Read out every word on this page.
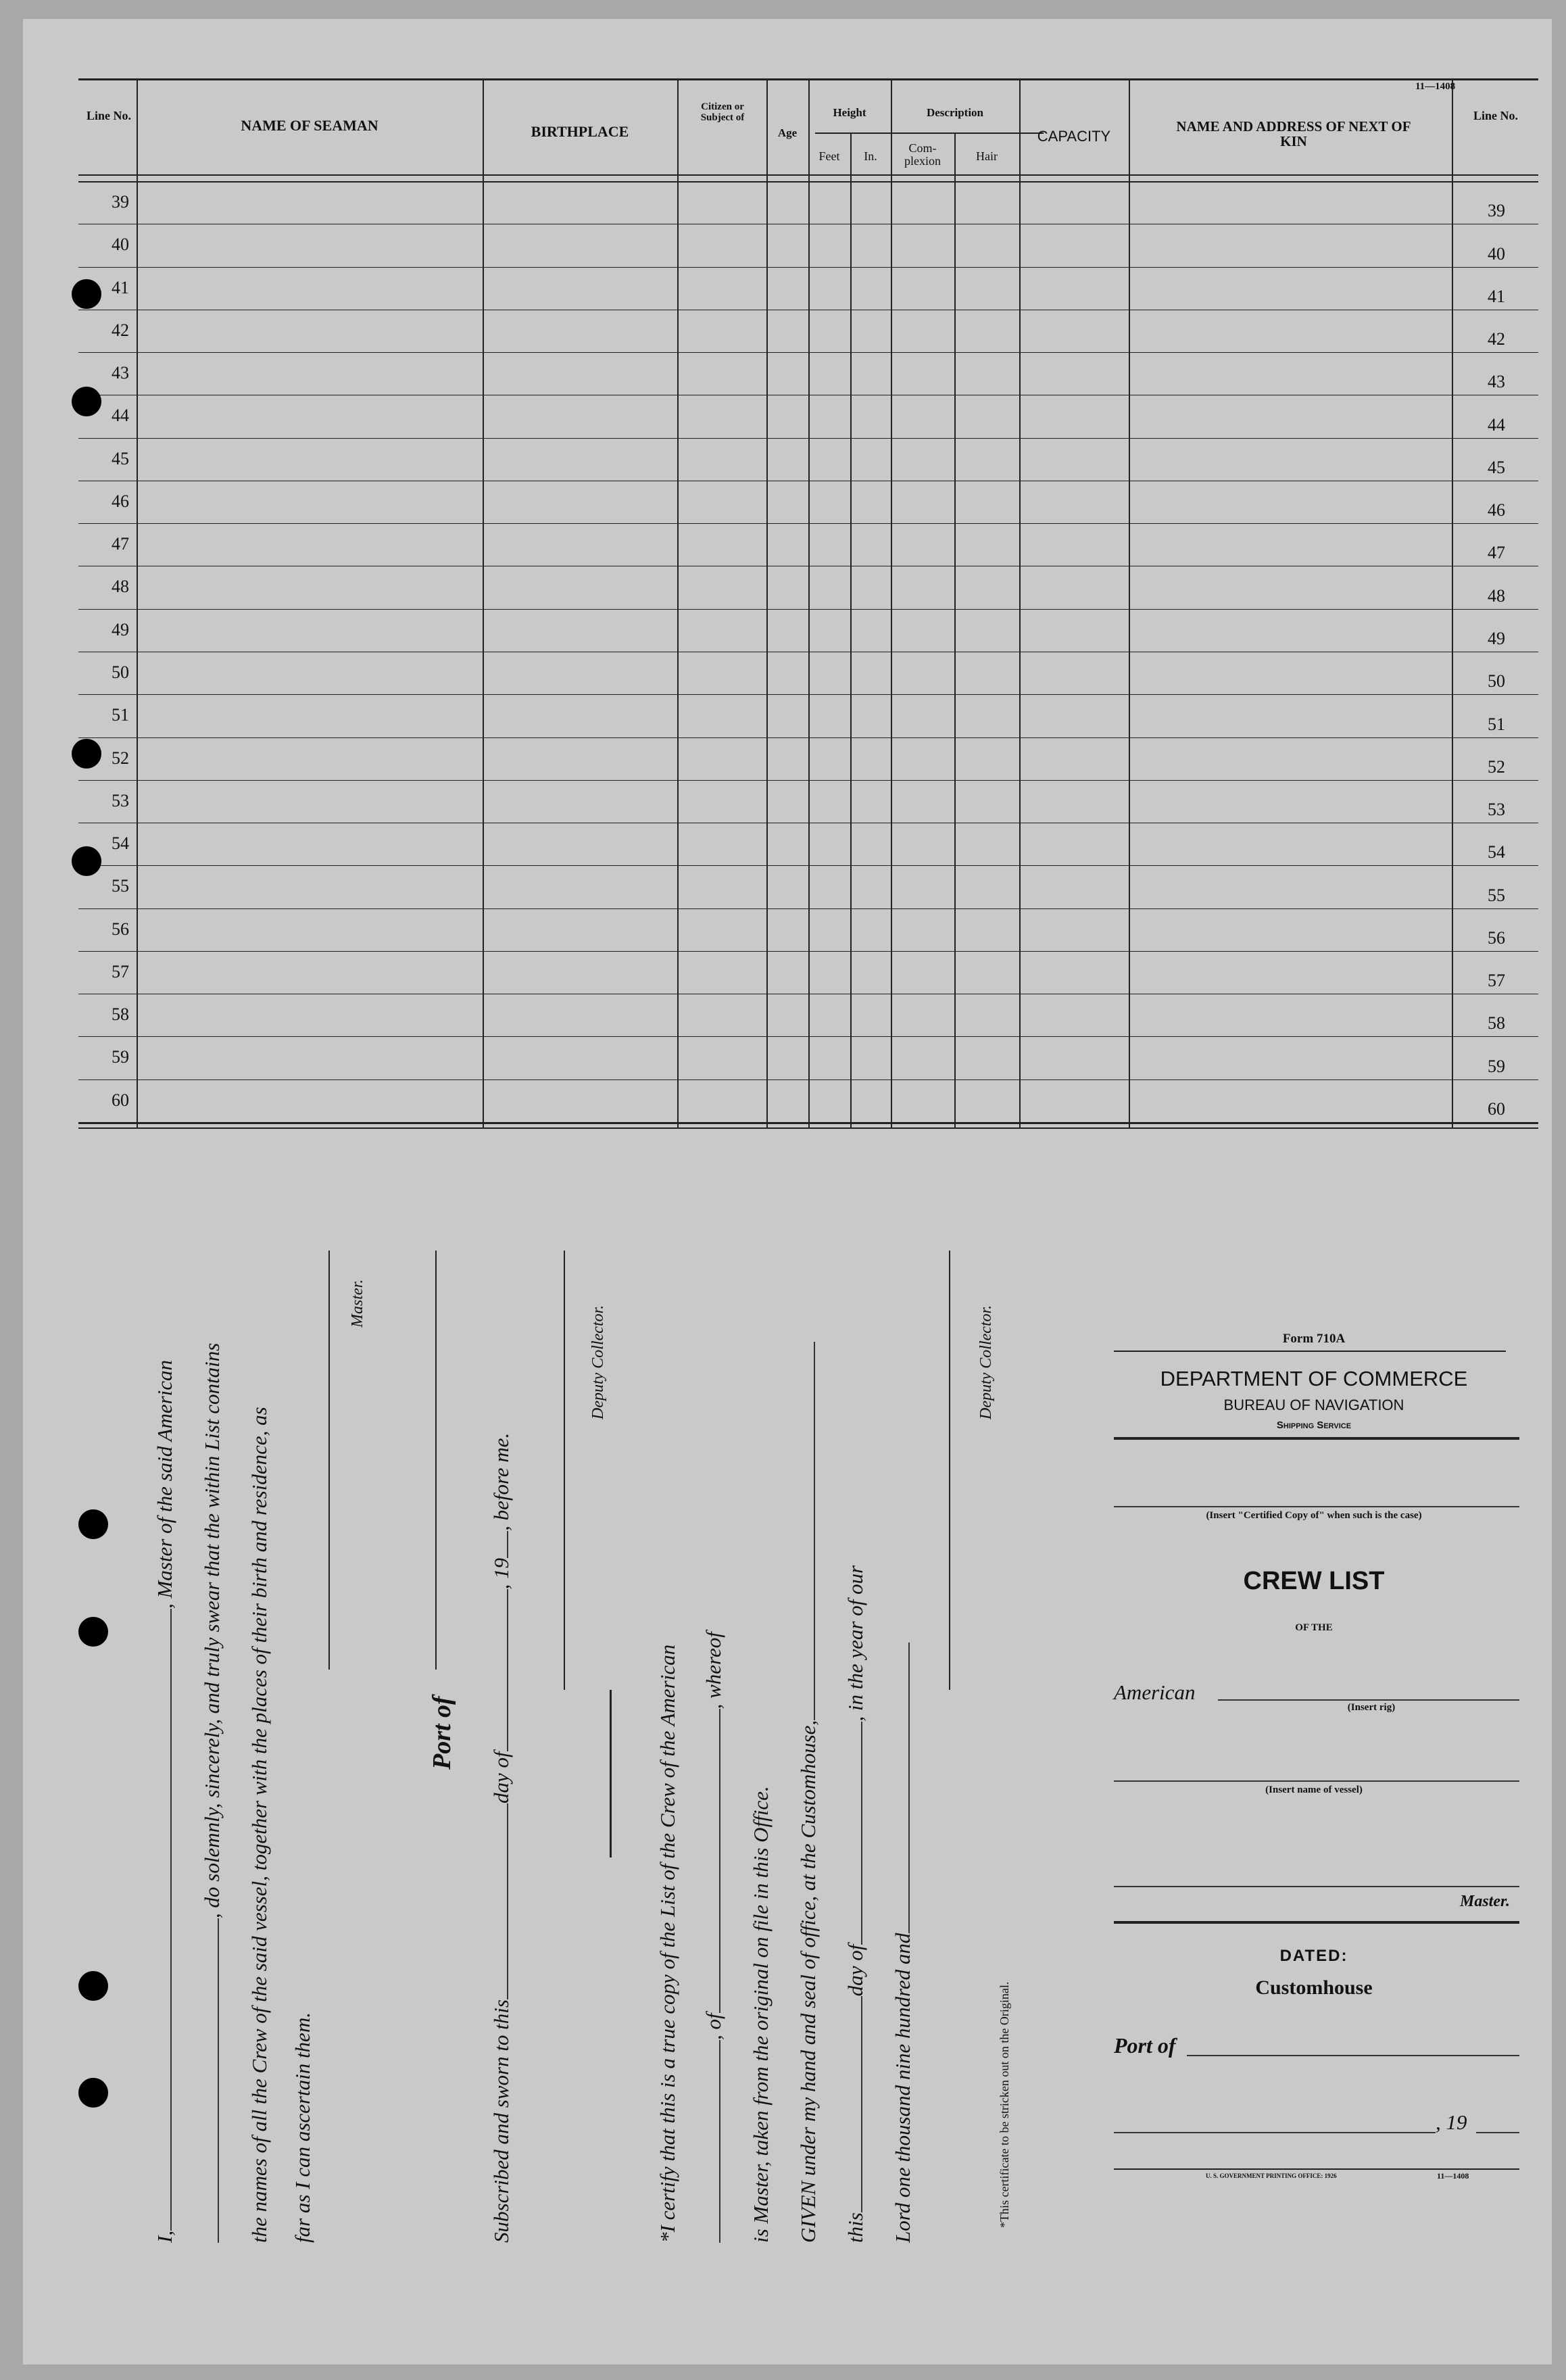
11—1408
Line No.
NAME OF SEAMAN	BIRTHPLACE
Citizen or Subject of
Age
Height
Feet	In.
Description
Com-plexion	Hair
CAPACITY
NAME AND ADDRESS OF NEXT OF KIN
Line No.
39	39
40	40
41	41
42	42
43	43
44	44
45	45
46	46
47	47
48	48
49	49
50	50
51	51
52	52
53	53
54	54
55	55
56	56
57	57
58	58
59	59
60	60
I,, Master of the said American , do solemnly, sincerely, and truly swear that the within List contains the names of all the Crew of the said vessel, together with the places of their birth and residence, as far as I can ascertain them.
Master.
Port of
Subscribed and sworn to thisday of, 19, before me.
Deputy Collector.
*I certify that this is a true copy of the List of the Crew of the American , of, whereof
is Master, taken from the original on file in this Office. GIVEN under my hand and seal of office, at the Customhouse, thisday of, in the year of our
Lord one thousand nine hundred and
Deputy Collector.
*This certificate to be stricken out on the Original.
Form 710A
DEPARTMENT OF COMMERCE
BUREAU OF NAVIGATION
Shipping Service
(Insert "Certified Copy of" when such is the case)
CREW LIST
OF THE
American
(Insert rig)
(Insert name of vessel)
Master.
DATED:
Customhouse
Port of
, 19
U. S. GOVERNMENT PRINTING OFFICE: 1926	11—1408
